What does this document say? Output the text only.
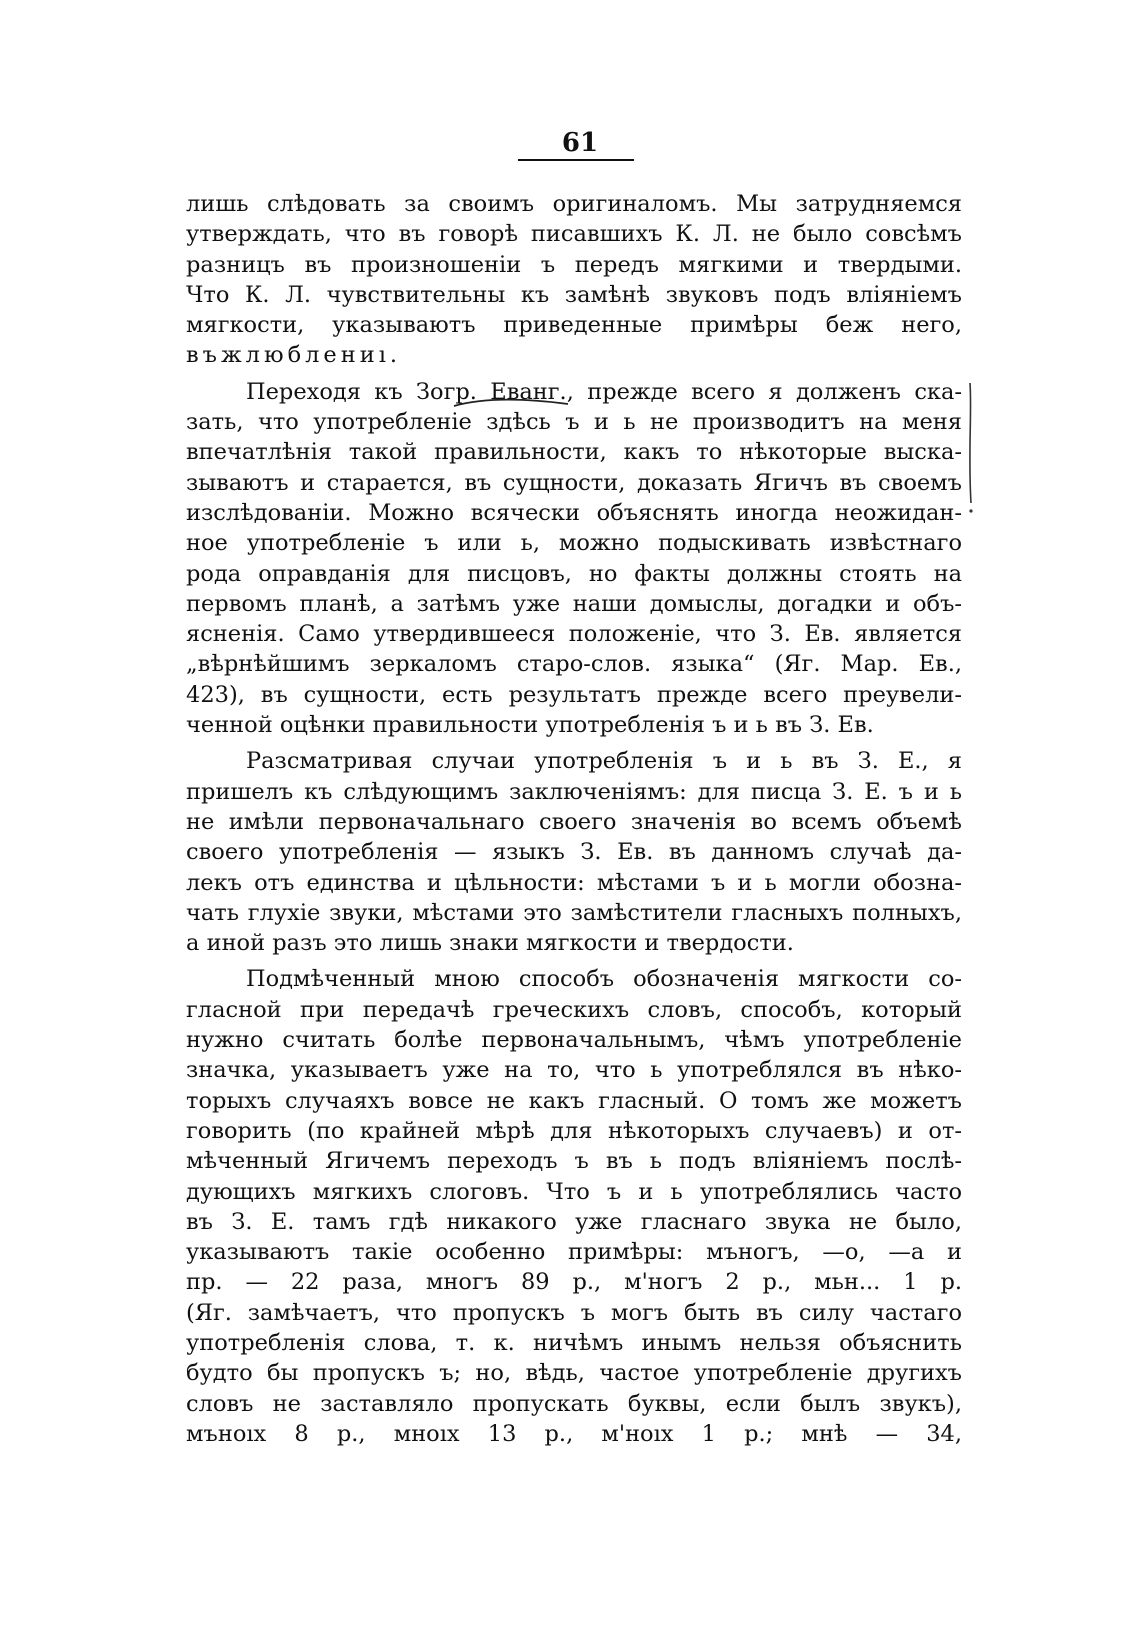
61
лишь слѣдовать за своимъ оригиналомъ. Мы затрудняемся
утверждать, что въ говорѣ писавшихъ К. Л. не было совсѣмъ
разницъ въ произношеніи ъ передъ мягкими и твердыми.
Что К. Л. чувствительны къ замѣнѣ звуковъ подъ вліяніемъ
мягкости, указываютъ приведенные примѣры беж него,
въжлюблениı.
Переходя къ Зогр. Еванг., прежде всего я долженъ ска-
зать, что употребленіе здѣсь ъ и ь не производитъ на меня
впечатлѣнія такой правильности, какъ то нѣкоторые выска-
зываютъ и старается, въ сущности, доказать Ягичъ въ своемъ
изслѣдованіи. Можно всячески объяснять иногда неожидан-
ное употребленіе ъ или ь, можно подыскивать извѣстнаго
рода оправданія для писцовъ, но факты должны стоять на
первомъ планѣ, а затѣмъ уже наши домыслы, догадки и объ-
ясненія. Само утвердившееся положеніе, что З. Ев. является
„вѣрнѣйшимъ зеркаломъ старо-слов. языка“ (Яг. Мар. Ев.,
423), въ сущности, есть результатъ прежде всего преувели-
ченной оцѣнки правильности употребленія ъ и ь въ З. Ев.
Разсматривая случаи употребленія ъ и ь въ З. Е., я
пришелъ къ слѣдующимъ заключеніямъ: для писца З. Е. ъ и ь
не имѣли первоначальнаго своего значенія во всемъ объемѣ
своего употребленія — языкъ З. Ев. въ данномъ случаѣ да-
лекъ отъ единства и цѣльности: мѣстами ъ и ь могли обозна-
чать глухіе звуки, мѣстами это замѣстители гласныхъ полныхъ,
а иной разъ это лишь знаки мягкости и твердости.
Подмѣченный мною способъ обозначенія мягкости со-
гласной при передачѣ греческихъ словъ, способъ, который
нужно считать болѣе первоначальнымъ, чѣмъ употребленіе
значка, указываетъ уже на то, что ь употреблялся въ нѣко-
торыхъ случаяхъ вовсе не какъ гласный. О томъ же можетъ
говорить (по крайней мѣрѣ для нѣкоторыхъ случаевъ) и от-
мѣченный Ягичемъ переходъ ъ въ ь подъ вліяніемъ послѣ-
дующихъ мягкихъ слоговъ. Что ъ и ь употреблялись часто
въ З. Е. тамъ гдѣ никакого уже гласнаго звука не было,
указываютъ такіе особенно примѣры: мъногъ, —о, —а и
пр. — 22 раза, многъ 89 р., м'ногъ 2 р., мьн... 1 р.
(Яг. замѣчаетъ, что пропускъ ъ могъ быть въ силу частаго
употребленія слова, т. к. ничѣмъ инымъ нельзя объяснить
будто бы пропускъ ъ; но, вѣдь, частое употребленіе другихъ
словъ не заставляло пропускать буквы, если былъ звукъ),
мъноıх 8 р., мноıх 13 р., м'ноıх 1 р.; мнѣ — 34,
